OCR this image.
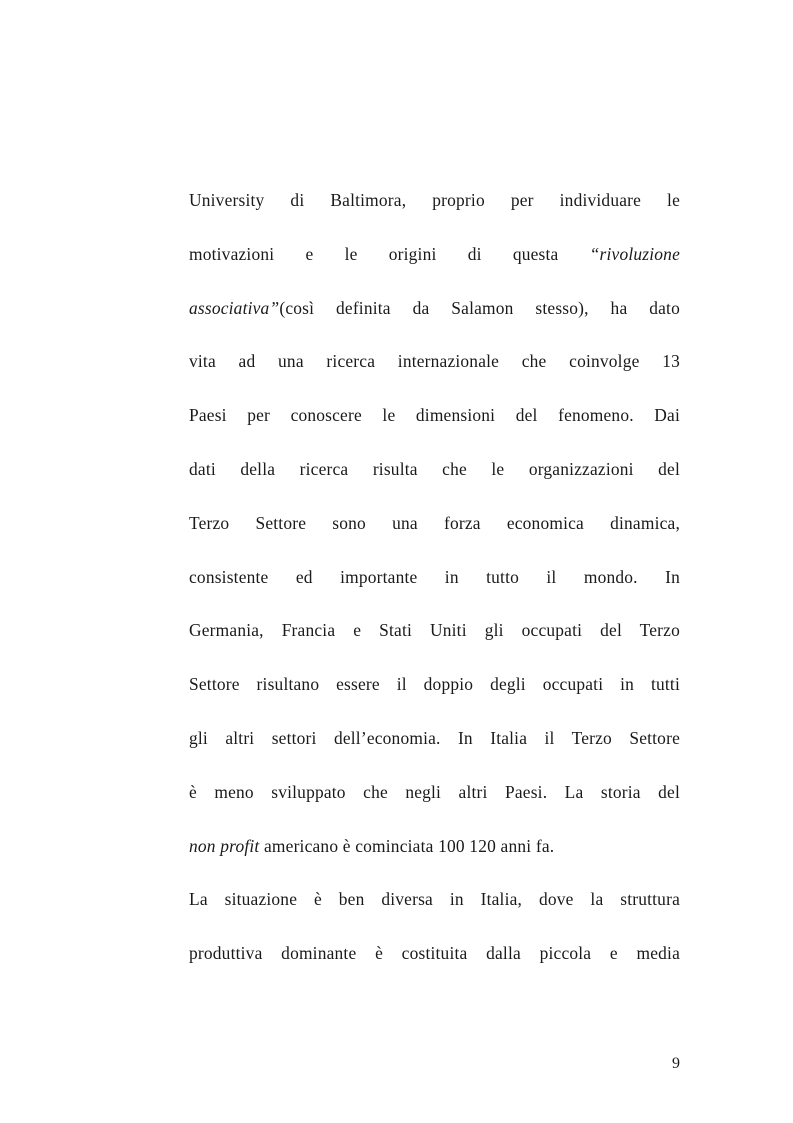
University di Baltimora, proprio per individuare le
motivazioni e le origini di questa “rivoluzione
associativa”(così definita da Salamon stesso), ha dato
vita ad una ricerca internazionale che coinvolge 13
Paesi per conoscere le dimensioni del fenomeno. Dai
dati della ricerca risulta che le organizzazioni del
Terzo Settore sono una forza economica dinamica,
consistente ed importante in tutto il mondo. In
Germania, Francia e Stati Uniti gli occupati del Terzo
Settore risultano essere il doppio degli occupati in tutti
gli altri settori dell’economia. In Italia il Terzo Settore
è meno sviluppato che negli altri Paesi. La storia del
non profit americano è cominciata 100 120 anni fa.
La situazione è ben diversa in Italia, dove la struttura
produttiva dominante è costituita dalla piccola e media
9
